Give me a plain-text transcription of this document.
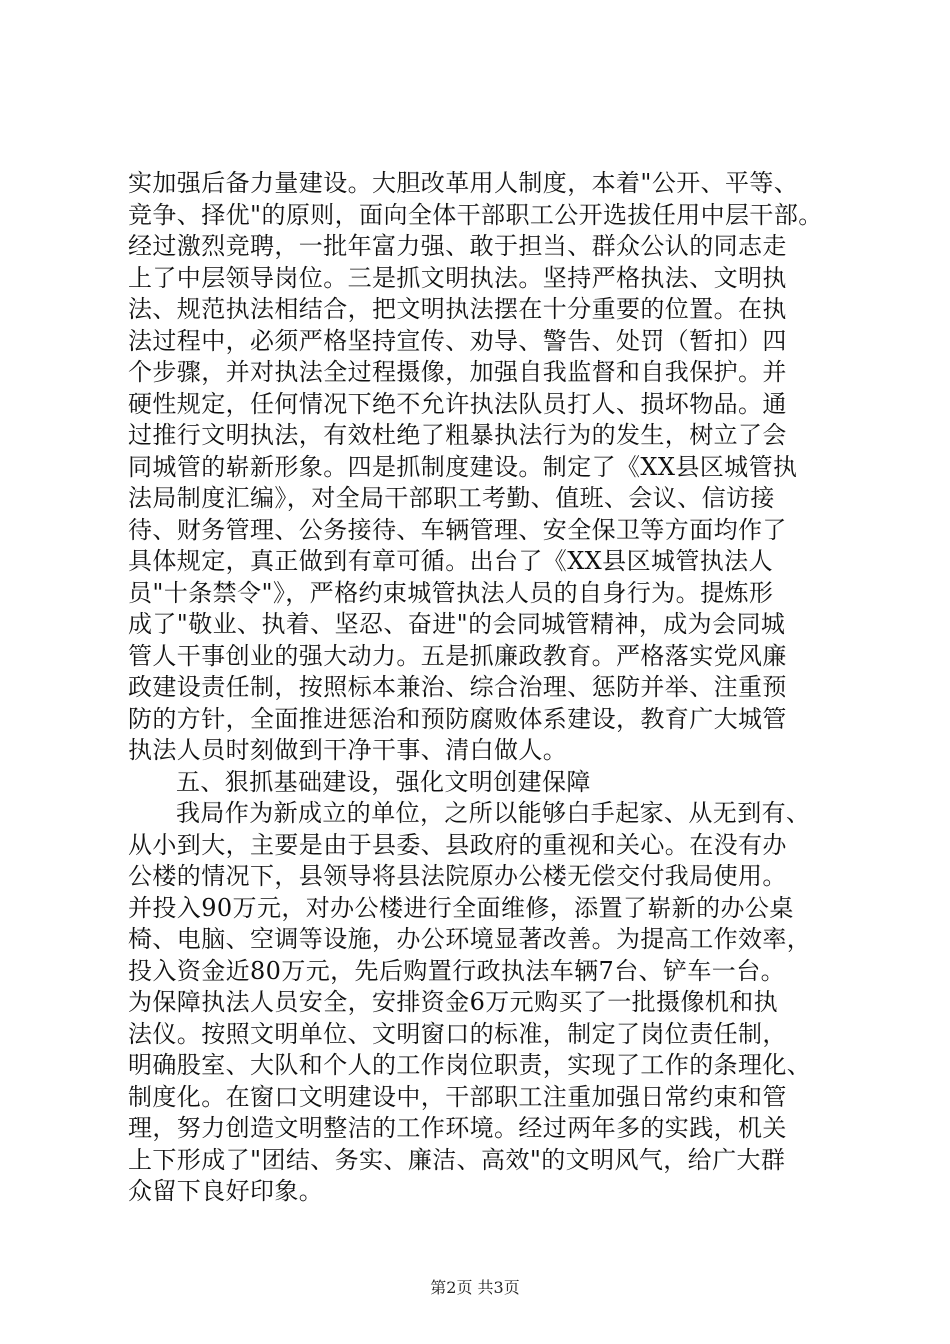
实加强后备力量建设。大胆改革用人制度，本着"公开、平等、
竞争、择优"的原则，面向全体干部职工公开选拔任用中层干部。
经过激烈竞聘，一批年富力强、敢于担当、群众公认的同志走
上了中层领导岗位。三是抓文明执法。坚持严格执法、文明执
法、规范执法相结合，把文明执法摆在十分重要的位置。在执
法过程中，必须严格坚持宣传、劝导、警告、处罚（暂扣）四
个步骤，并对执法全过程摄像，加强自我监督和自我保护。并
硬性规定，任何情况下绝不允许执法队员打人、损坏物品。通
过推行文明执法，有效杜绝了粗暴执法行为的发生，树立了会
同城管的崭新形象。四是抓制度建设。制定了《XX县区城管执
法局制度汇编》，对全局干部职工考勤、值班、会议、信访接
待、财务管理、公务接待、车辆管理、安全保卫等方面均作了
具体规定，真正做到有章可循。出台了《XX县区城管执法人
员"十条禁令"》，严格约束城管执法人员的自身行为。提炼形
成了"敬业、执着、坚忍、奋进"的会同城管精神，成为会同城
管人干事创业的强大动力。五是抓廉政教育。严格落实党风廉
政建设责任制，按照标本兼治、综合治理、惩防并举、注重预
防的方针，全面推进惩治和预防腐败体系建设，教育广大城管
执法人员时刻做到干净干事、清白做人。
五、狠抓基础建设，强化文明创建保障
我局作为新成立的单位，之所以能够白手起家、从无到有、
从小到大，主要是由于县委、县政府的重视和关心。在没有办
公楼的情况下，县领导将县法院原办公楼无偿交付我局使用。
并投入90万元，对办公楼进行全面维修，添置了崭新的办公桌
椅、电脑、空调等设施，办公环境显著改善。为提高工作效率，
投入资金近80万元，先后购置行政执法车辆7台、铲车一台。
为保障执法人员安全，安排资金6万元购买了一批摄像机和执
法仪。按照文明单位、文明窗口的标准，制定了岗位责任制，
明确股室、大队和个人的工作岗位职责，实现了工作的条理化、
制度化。在窗口文明建设中，干部职工注重加强日常约束和管
理，努力创造文明整洁的工作环境。经过两年多的实践，机关
上下形成了"团结、务实、廉洁、高效"的文明风气，给广大群
众留下良好印象。
第2页 共3页
